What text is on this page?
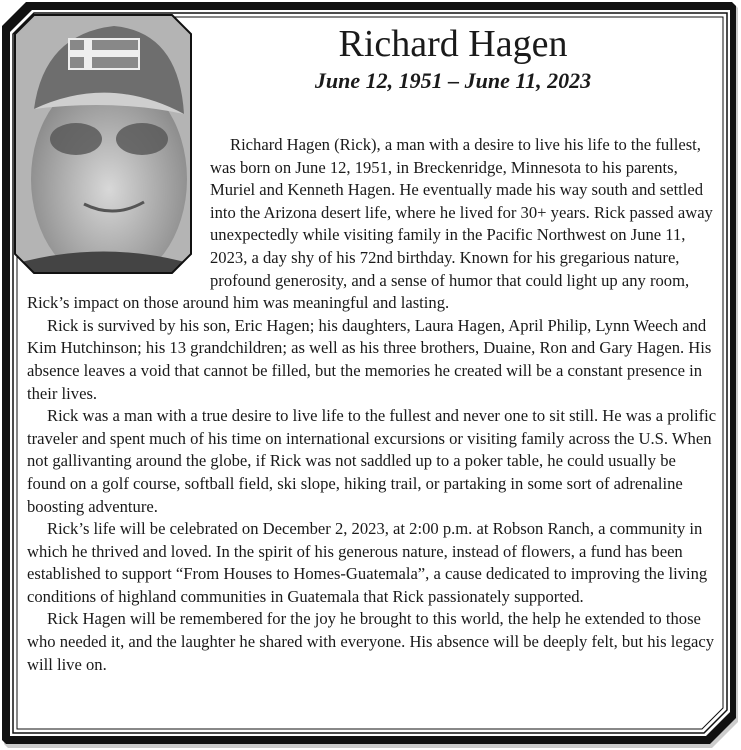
Richard Hagen
June 12, 1951 – June 11, 2023

Richard Hagen (Rick), a man with a desire to live his life to the fullest, was born on June 12, 1951, in Breckenridge, Minnesota to his parents, Muriel and Kenneth Hagen. He eventually made his way south and settled into the Arizona desert life, where he lived for 30+ years. Rick passed away unexpectedly while visiting family in the Pacific Northwest on June 11, 2023, a day shy of his 72nd birthday. Known for his gregarious nature, profound generosity, and a sense of humor that could light up any room, Rick’s impact on those around him was meaningful and lasting.

Rick is survived by his son, Eric Hagen; his daughters, Laura Hagen, April Philip, Lynn Weech and Kim Hutchinson; his 13 grandchildren; as well as his three brothers, Duaine, Ron and Gary Hagen. His absence leaves a void that cannot be filled, but the memories he created will be a constant presence in their lives.

Rick was a man with a true desire to live life to the fullest and never one to sit still. He was a prolific traveler and spent much of his time on international excursions or visiting family across the U.S. When not gallivanting around the globe, if Rick was not saddled up to a poker table, he could usually be found on a golf course, softball field, ski slope, hiking trail, or partaking in some sort of adrenaline boosting adventure.

Rick’s life will be celebrated on December 2, 2023, at 2:00 p.m. at Robson Ranch, a community in which he thrived and loved. In the spirit of his generous nature, instead of flowers, a fund has been established to support “From Houses to Homes-Guatemala”, a cause dedicated to improving the living conditions of highland communities in Guatemala that Rick passionately supported.

Rick Hagen will be remembered for the joy he brought to this world, the help he extended to those who needed it, and the laughter he shared with everyone. His absence will be deeply felt, but his legacy will live on.
